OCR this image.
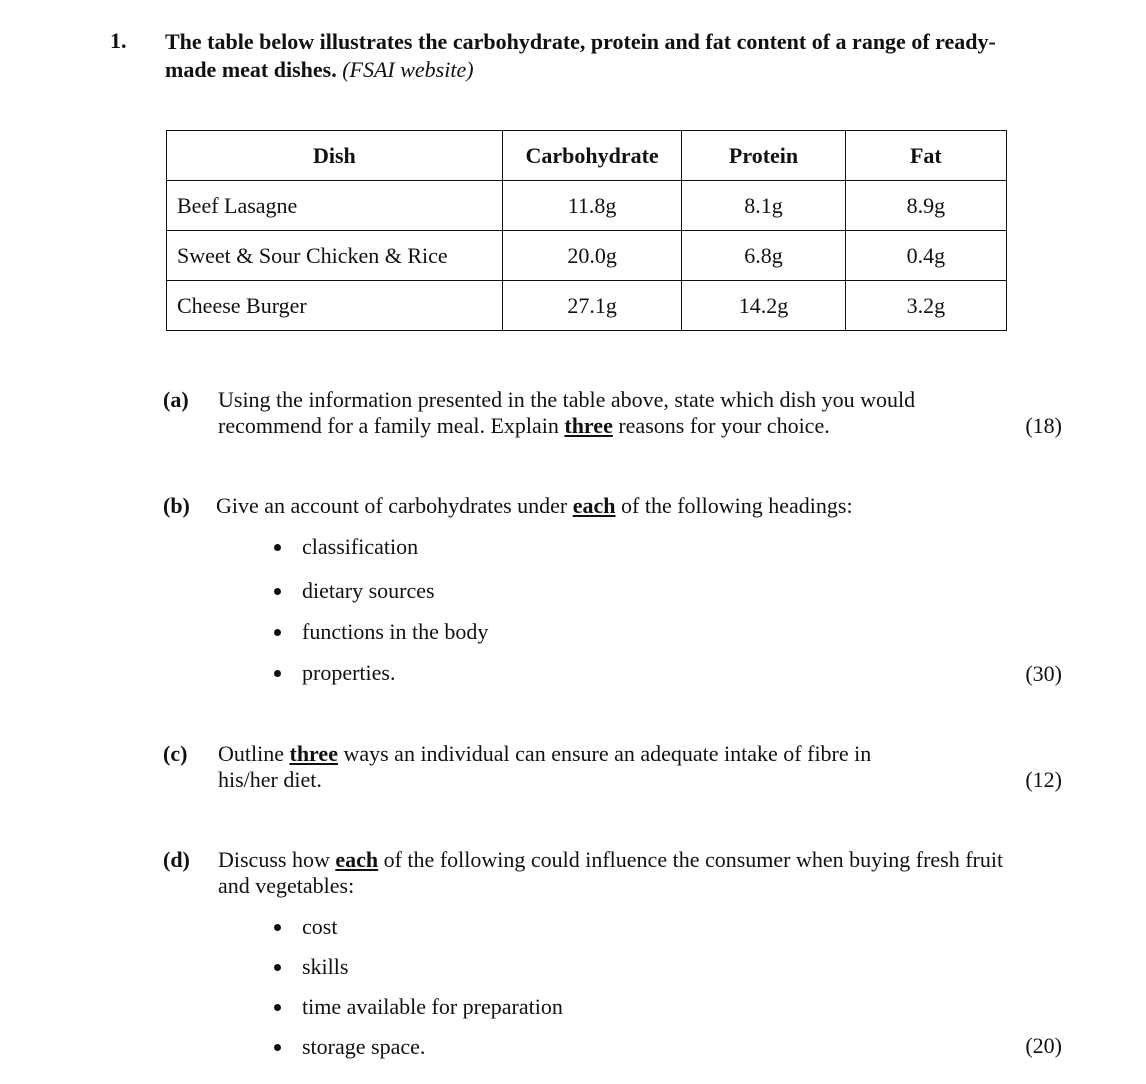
1. The table below illustrates the carbohydrate, protein and fat content of a range of ready-made meat dishes. (FSAI website)
Dish	Carbohydrate	Protein	Fat
Beef Lasagne	11.8g	8.1g	8.9g
Sweet & Sour Chicken & Rice	20.0g	6.8g	0.4g
Cheese Burger	27.1g	14.2g	3.2g
(a) Using the information presented in the table above, state which dish you would recommend for a family meal. Explain three reasons for your choice.	(18)
(b) Give an account of carbohydrates under each of the following headings:
classification
dietary sources
functions in the body
properties.	(30)
(c) Outline three ways an individual can ensure an adequate intake of fibre in his/her diet.	(12)
(d) Discuss how each of the following could influence the consumer when buying fresh fruit and vegetables:
cost
skills
time available for preparation
storage space.	(20)
